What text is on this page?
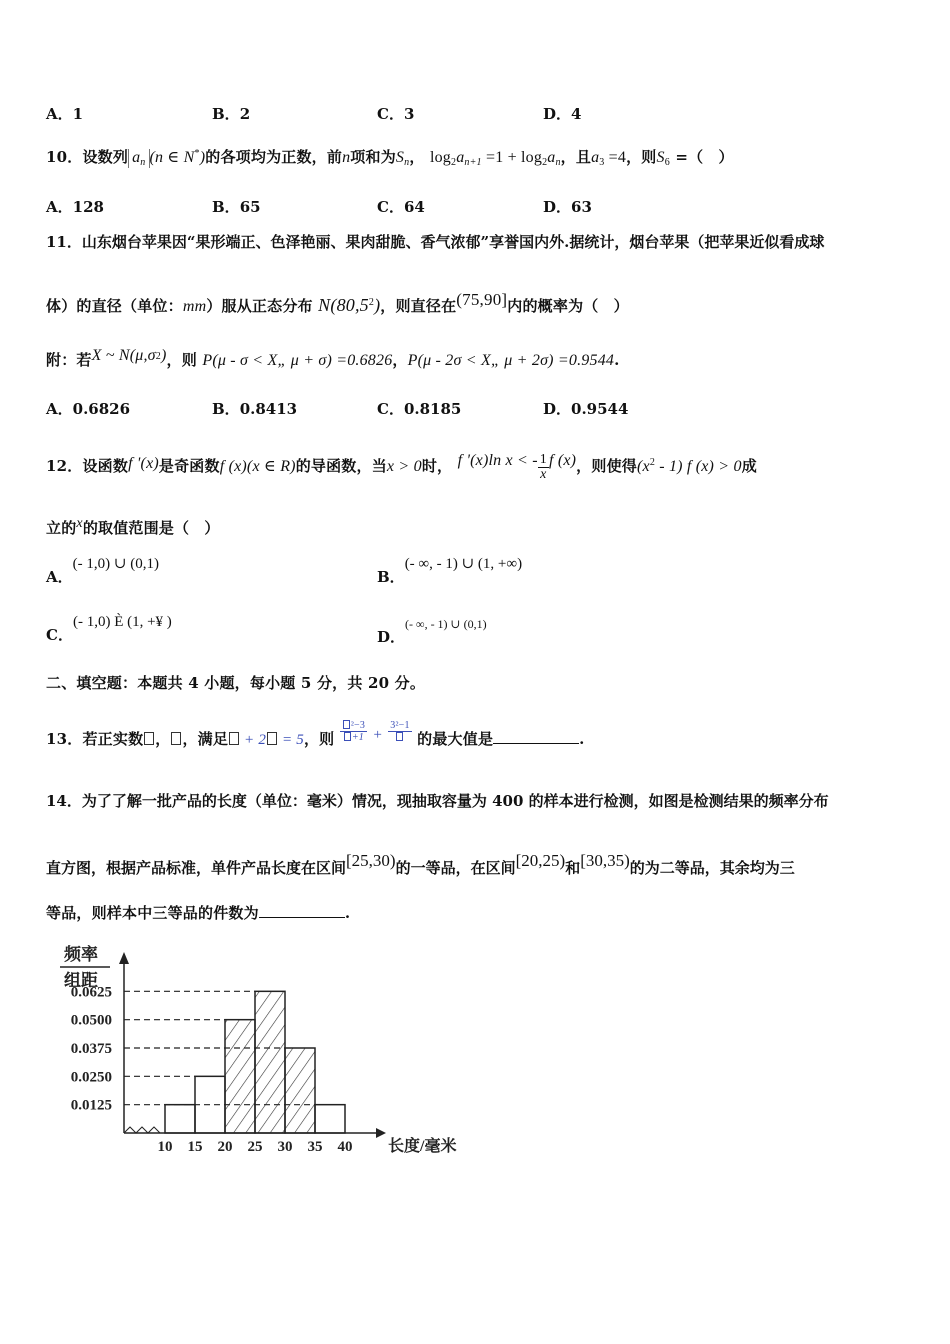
A．1	B．2	C．3	D．4
10．设数列 $a_n$ (n ∈ N*)的各项均为正数，前n项和为$S_n$， $\log_2a_{n+1} =1 + \log_2a_n$，且$a_3 =4$，则$S_6$ =（　）
A．128	B．65	C．64	D．63
11．山东烟台苹果因“果形端正、色泽艳丽、果肉甜脆、香气浓郁”享誉国内外.据统计，烟台苹果（把苹果近似看成球
体）的直径（单位：mm）服从正态分布 N(80,5$^2$)，则直径在(75,90]内的概率为（　）
附：若X ~ $N(\mu,\sigma^2)$，则 P(μ - σ < X„ μ + σ) =0.6826，P(μ - 2σ < X„ μ + 2σ) =0.9544.
A．0.6826	B．0.8413	C．0.8185	D．0.9544
12．设函数f '(x)是奇函数f (x)(x ∈ R)的导函数，当x > 0时， f '(x)ln x < - $\frac{1}{x}$ f (x)，则使得$(x^2 - 1)$ f (x) > 0成
立的x的取值范围是（　）
A．(- 1,0) ∪ (0,1)
B．(- ∞, - 1) ∪ (1, +∞)
C．(- 1,0) È (1, +¥ )
D．(- ∞, - 1) ∪ (0,1)
二、填空题：本题共 4 小题，每小题 5 分，共 20 分。
13．若正实数 ， ，满足 + 2 = 5，则 $\frac{\text{²−3}}{+1}$ +
3²−1
的最大值是	.
14．为了了解一批产品的长度（单位：毫米）情况，现抽取容量为 400 的样本进行检测，如图是检测结果的频率分布
直方图，根据产品标准，单件产品长度在区间[25,30)的一等品，在区间[20,25)和[30,35)的为二等品，其余均为三
等品，则样本中三等品的件数为	.
0.0625
0.0500
0.0375
0.0250
0.0125
10 15 20 25 30 35 40 长度/毫米
频率
组距
